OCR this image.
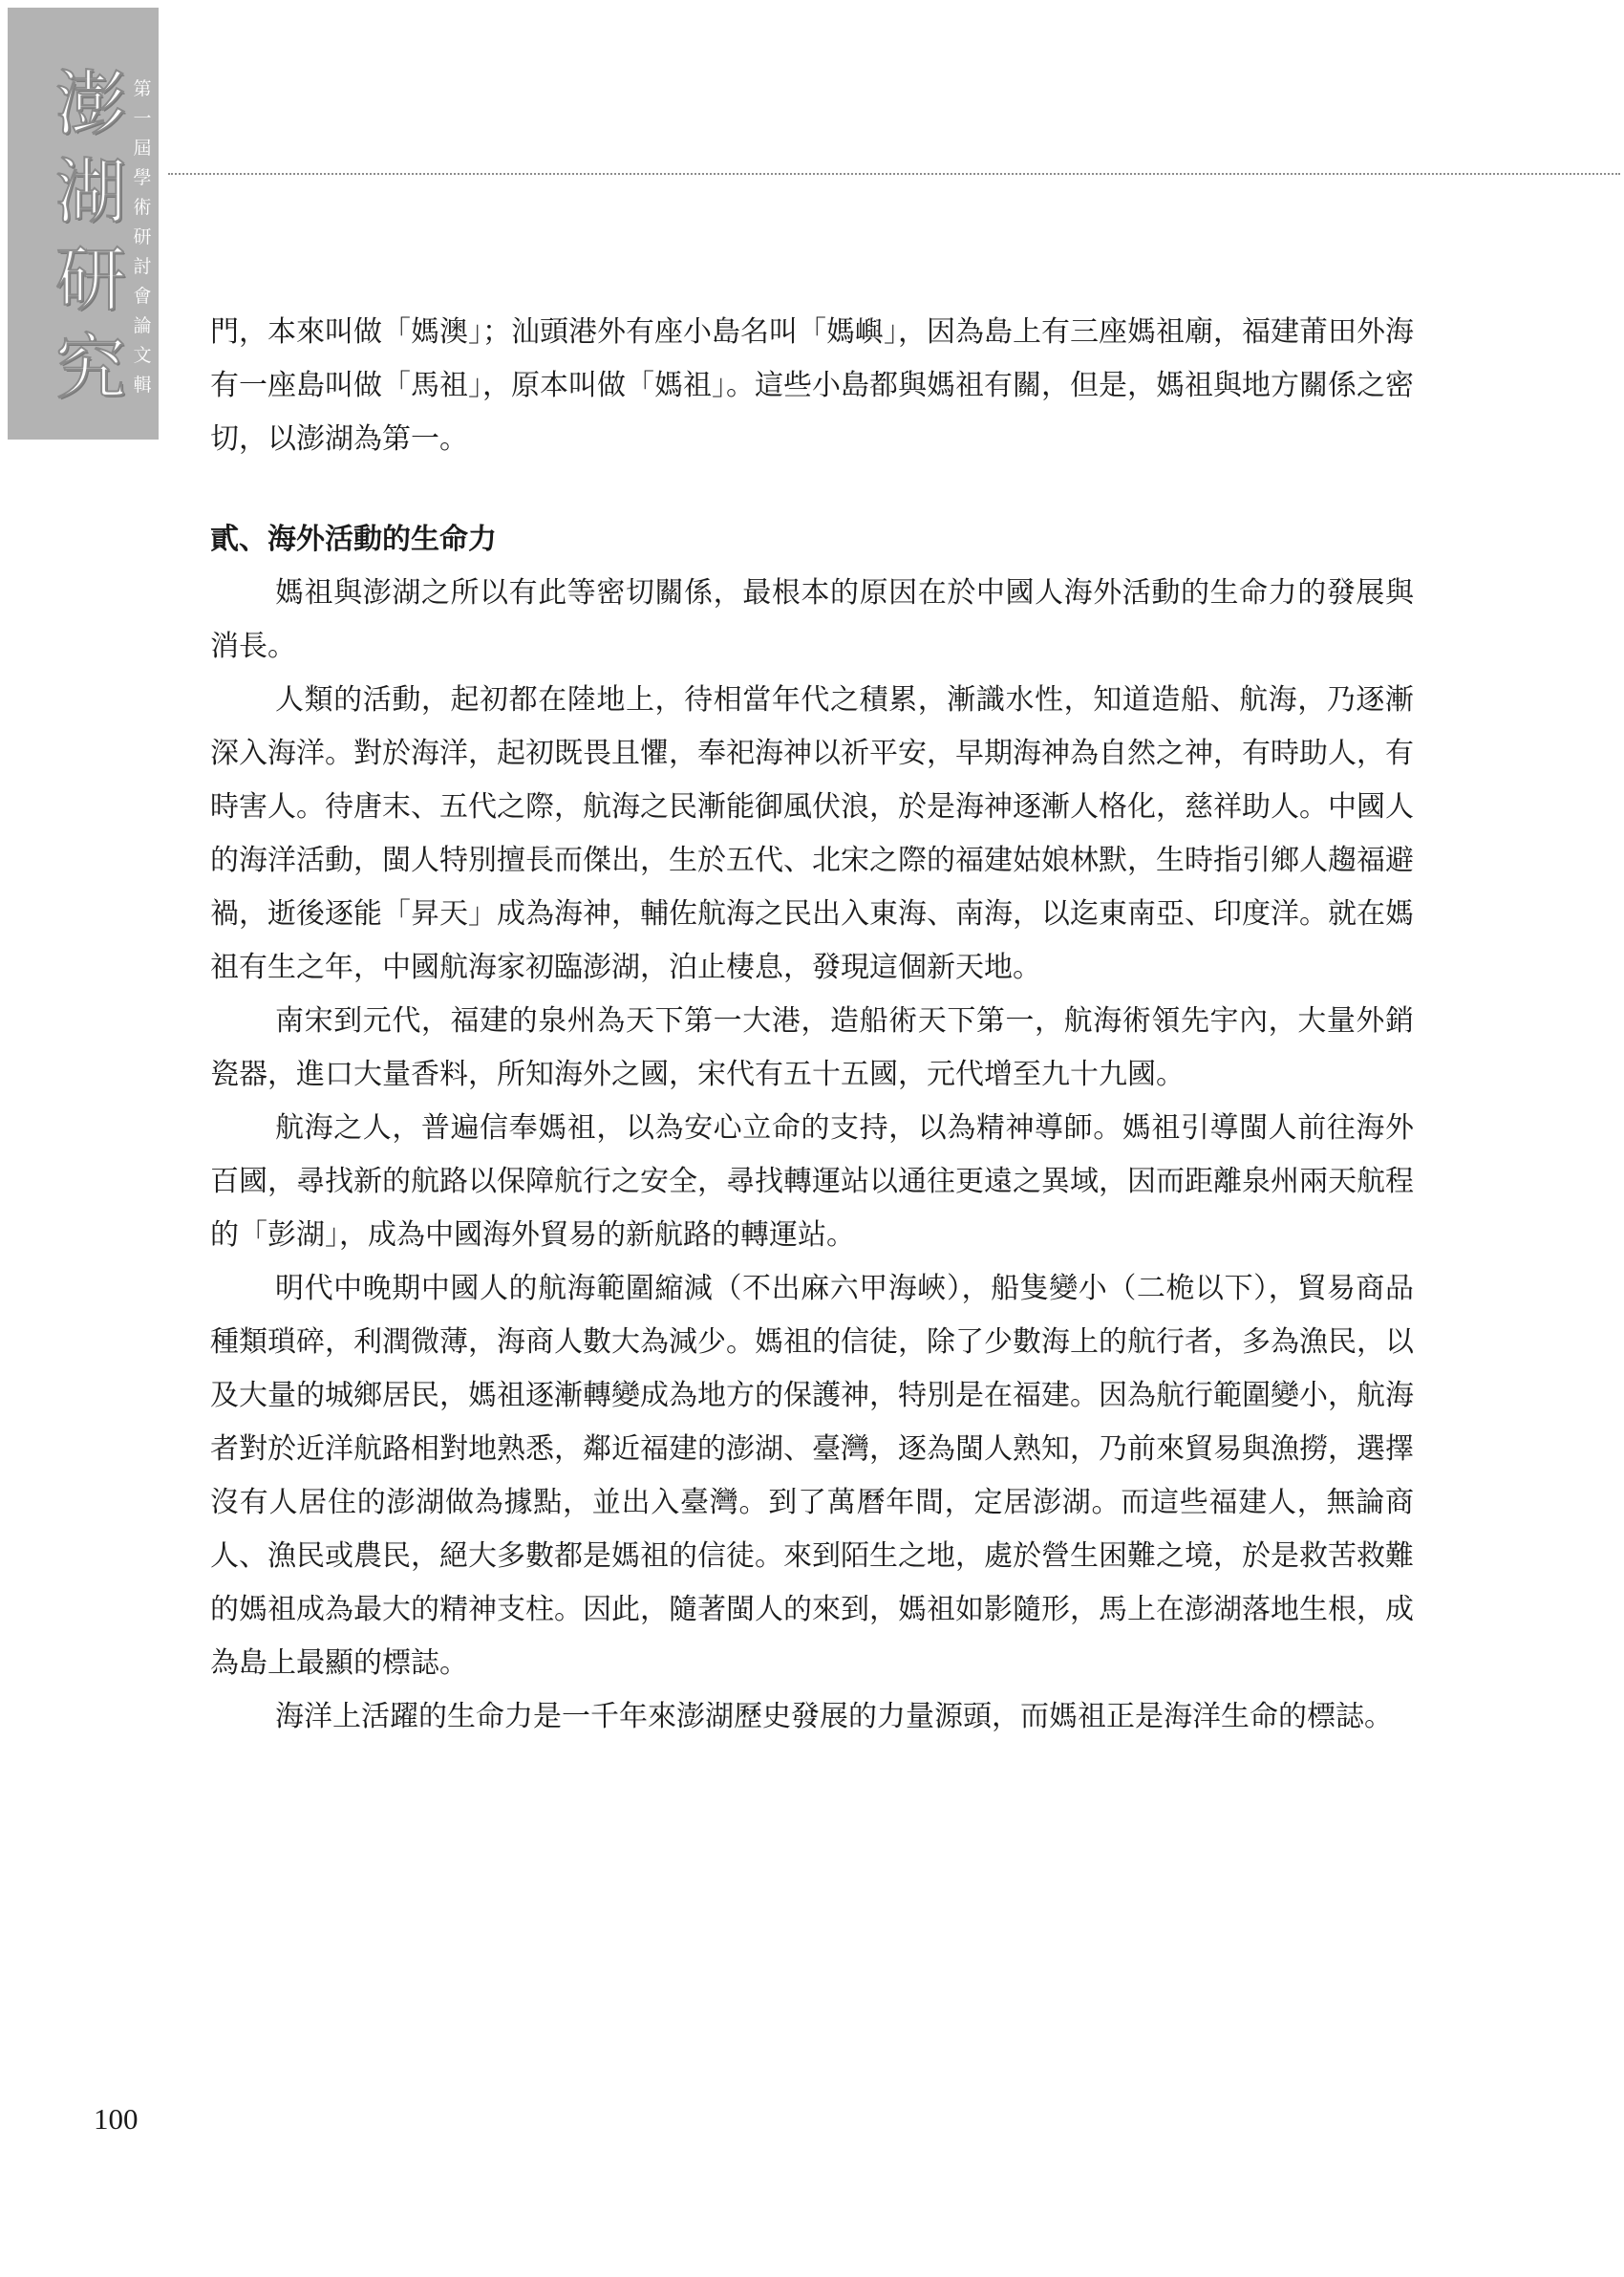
澎
湖
研
究
第
一
屆
學
術
研
討
會
論
文
輯

門，本來叫做「媽澳」；汕頭港外有座小島名叫「媽嶼」，因為島上有三座媽祖廟，福建莆田外海有一座島叫做「馬祖」，原本叫做「媽祖」。這些小島都與媽祖有關，但是，媽祖與地方關係之密切，以澎湖為第一。

貳、海外活動的生命力

媽祖與澎湖之所以有此等密切關係，最根本的原因在於中國人海外活動的生命力的發展與消長。

人類的活動，起初都在陸地上，待相當年代之積累，漸識水性，知道造船、航海，乃逐漸深入海洋。對於海洋，起初既畏且懼，奉祀海神以祈平安，早期海神為自然之神，有時助人，有時害人。待唐末、五代之際，航海之民漸能御風伏浪，於是海神逐漸人格化，慈祥助人。中國人的海洋活動，閩人特別擅長而傑出，生於五代、北宋之際的福建姑娘林默，生時指引鄉人趨福避禍，逝後逐能「昇天」成為海神，輔佐航海之民出入東海、南海，以迄東南亞、印度洋。就在媽祖有生之年，中國航海家初臨澎湖，泊止棲息，發現這個新天地。

南宋到元代，福建的泉州為天下第一大港，造船術天下第一，航海術領先宇內，大量外銷瓷器，進口大量香料，所知海外之國，宋代有五十五國，元代增至九十九國。

航海之人，普遍信奉媽祖，以為安心立命的支持，以為精神導師。媽祖引導閩人前往海外百國，尋找新的航路以保障航行之安全，尋找轉運站以通往更遠之異域，因而距離泉州兩天航程的「彭湖」，成為中國海外貿易的新航路的轉運站。

明代中晚期中國人的航海範圍縮減（不出麻六甲海峽），船隻變小（二桅以下），貿易商品種類瑣碎，利潤微薄，海商人數大為減少。媽祖的信徒，除了少數海上的航行者，多為漁民，以及大量的城鄉居民，媽祖逐漸轉變成為地方的保護神，特別是在福建。因為航行範圍變小，航海者對於近洋航路相對地熟悉，鄰近福建的澎湖、臺灣，逐為閩人熟知，乃前來貿易與漁撈，選擇沒有人居住的澎湖做為據點，並出入臺灣。到了萬曆年間，定居澎湖。而這些福建人，無論商人、漁民或農民，絕大多數都是媽祖的信徒。來到陌生之地，處於營生困難之境，於是救苦救難的媽祖成為最大的精神支柱。因此，隨著閩人的來到，媽祖如影隨形，馬上在澎湖落地生根，成為島上最顯的標誌。

海洋上活躍的生命力是一千年來澎湖歷史發展的力量源頭，而媽祖正是海洋生命的標誌。

100
